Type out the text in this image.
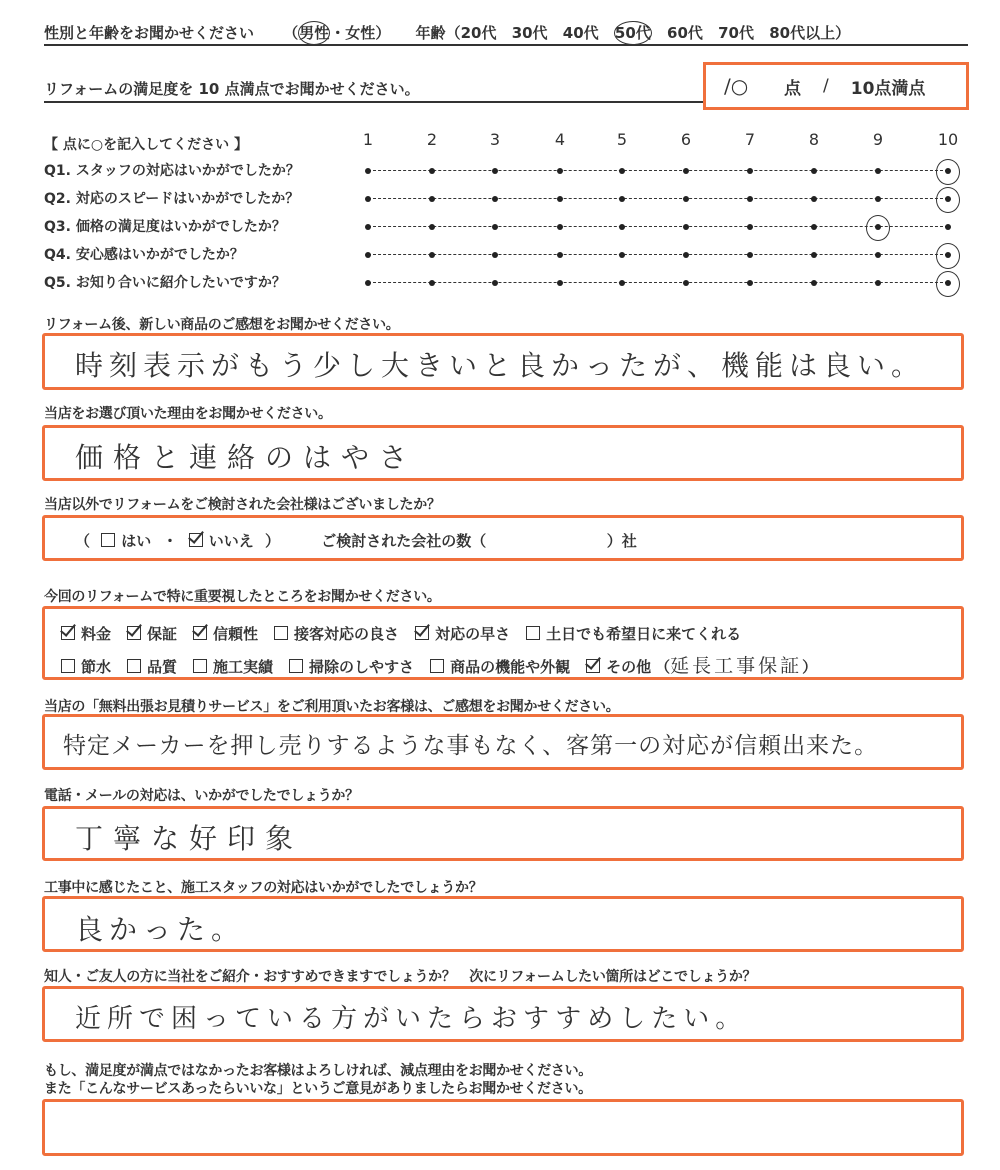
性別と年齢をお聞かせください （男性・女性） 年齢（20代 30代 40代 50代 60代 70代 80代以上）
リフォームの満足度を 10 点満点でお聞かせください。	/○	点 / 10点満点
【 点に○を記入してください 】	1	2	3	4	5	6	7	8	9	10
Q1. スタッフの対応はいかがでしたか？
Q2. 対応のスピードはいかがでしたか？
Q3. 価格の満足度はいかがでしたか？
Q4. 安心感はいかがでしたか？
Q5. お知り合いに紹介したいですか？
リフォーム後、新しい商品のご感想をお聞かせください。
時刻表示がもう少し大きいと良かったが、機能は良い。
当店をお選び頂いた理由をお聞かせください。
価格と連絡のはやさ
当店以外でリフォームをご検討された会社様はございましたか？
（ はい ・ いいえ ）	ご検討された会社の数（	）社
今回のリフォームで特に重要視したところをお聞かせください。
料金 保証 信頼性 接客対応の良さ 対応の早さ 土日でも希望日に来てくれる
節水 品質 施工実績 掃除のしやすさ 商品の機能や外観 その他 （延長工事保証）
当店の「無料出張お見積りサービス」をご利用頂いたお客様は、ご感想をお聞かせください。
特定メーカーを押し売りするような事もなく、客第一の対応が信頼出来た。
電話・メールの対応は、いかがでしたでしょうか？
丁寧な好印象
工事中に感じたこと、施工スタッフの対応はいかがでしたでしょうか？
良かった。
知人・ご友人の方に当社をご紹介・おすすめできますでしょうか？　次にリフォームしたい箇所はどこでしょうか？
近所で困っている方がいたらおすすめしたい。
もし、満足度が満点ではなかったお客様はよろしければ、減点理由をお聞かせください。
また「こんなサービスあったらいいな」というご意見がありましたらお聞かせください。
